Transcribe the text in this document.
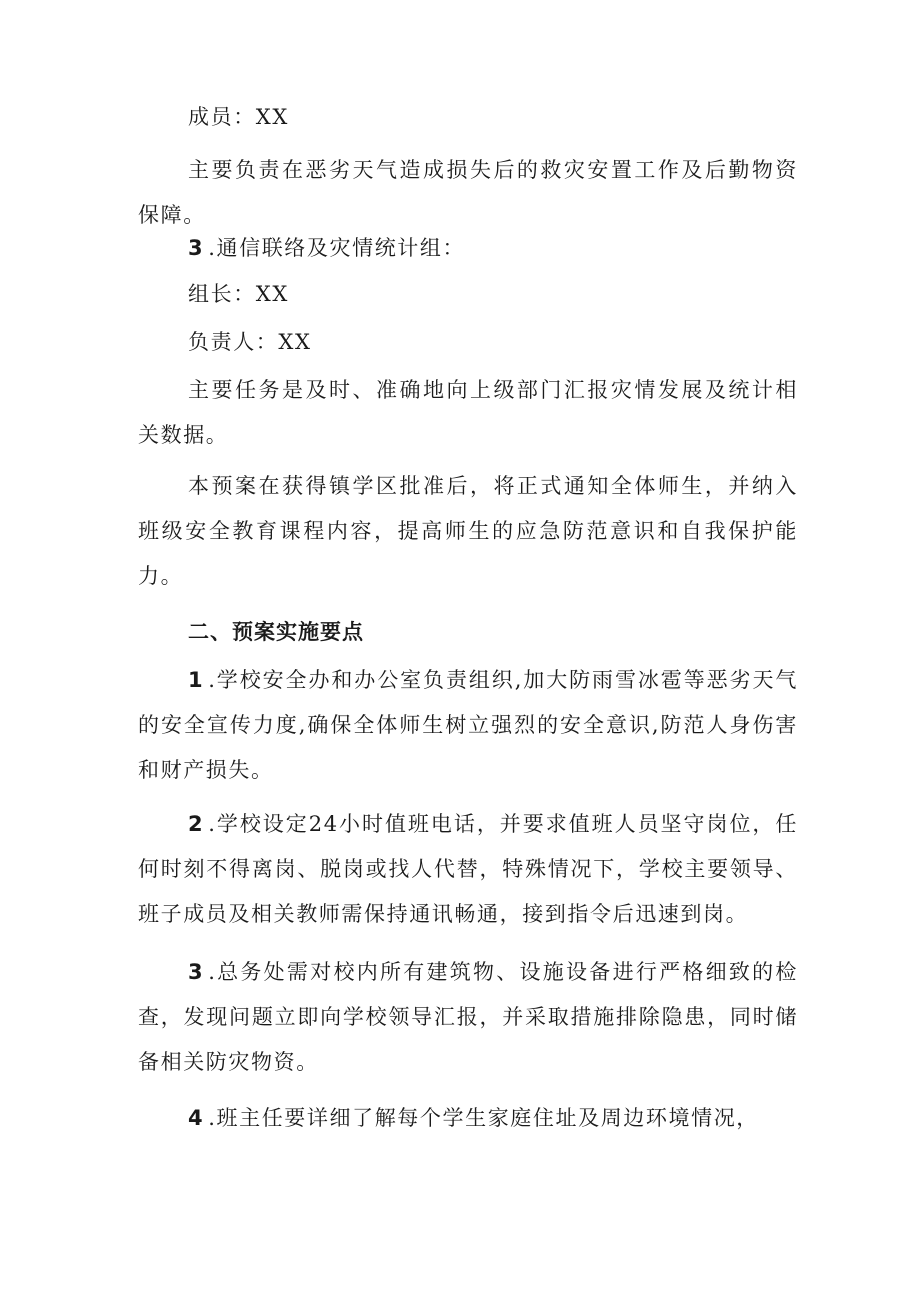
成员：XX

主要负责在恶劣天气造成损失后的救灾安置工作及后勤物资保障。

3 .通信联络及灾情统计组：

组长：XX

负责人：XX

主要任务是及时、准确地向上级部门汇报灾情发展及统计相关数据。

本预案在获得镇学区批准后，将正式通知全体师生，并纳入班级安全教育课程内容，提高师生的应急防范意识和自我保护能力。

二、预案实施要点

1 .学校安全办和办公室负责组织,加大防雨雪冰雹等恶劣天气的安全宣传力度,确保全体师生树立强烈的安全意识,防范人身伤害和财产损失。

2 .学校设定24小时值班电话，并要求值班人员坚守岗位，任何时刻不得离岗、脱岗或找人代替，特殊情况下，学校主要领导、班子成员及相关教师需保持通讯畅通，接到指令后迅速到岗。

3 .总务处需对校内所有建筑物、设施设备进行严格细致的检查，发现问题立即向学校领导汇报，并采取措施排除隐患，同时储备相关防灾物资。

4 .班主任要详细了解每个学生家庭住址及周边环境情况，
